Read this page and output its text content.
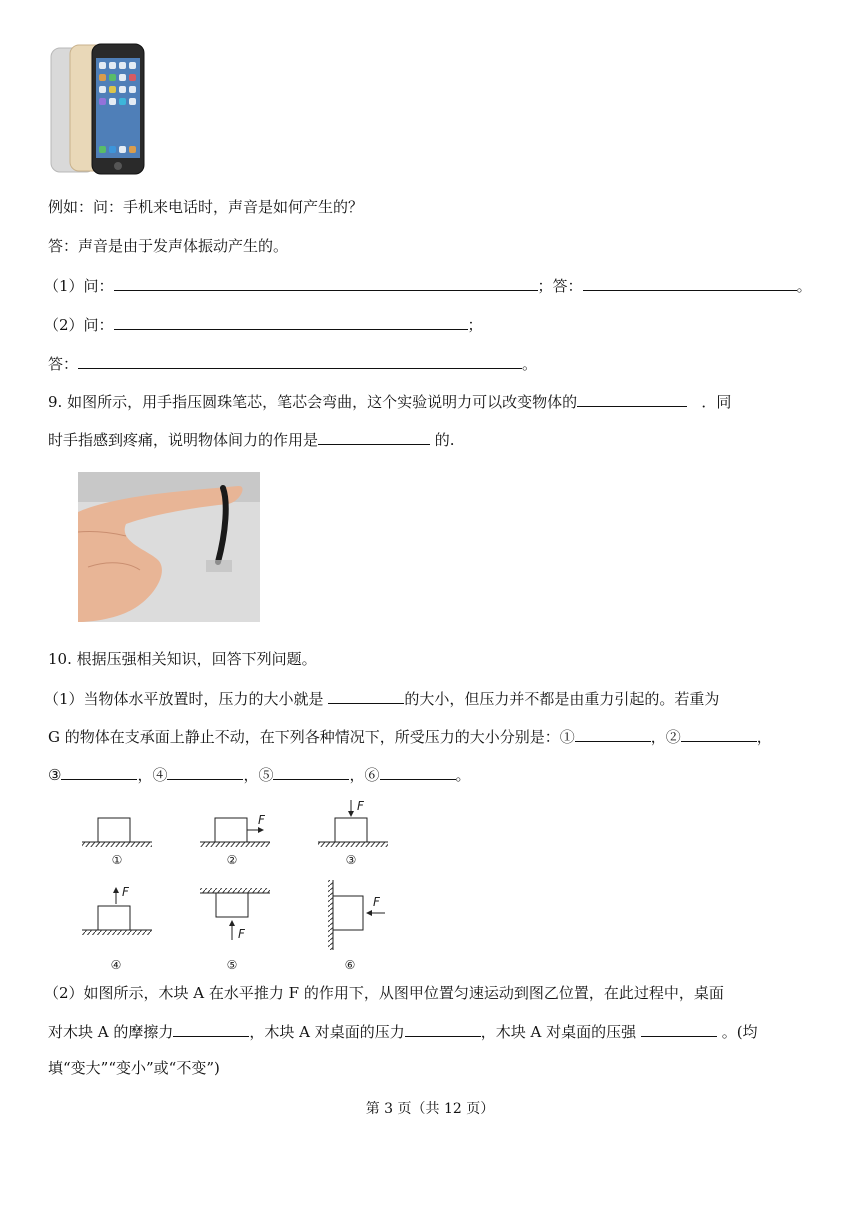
例如：问：手机来电话时，声音是如何产生的？
答：声音是由于发声体振动产生的。
（1）问：	；答：	。
（2）问：	；
答：	。
9. 如图所示，用手指压圆珠笔芯，笔芯会弯曲，这个实验说明力可以改变物体的	．同
时手指感到疼痛，说明物体间力的作用是	的.
10. 根据压强相关知识，回答下列问题。
（1）当物体水平放置时，压力的大小就是	的大小，但压力并不都是由重力引起的。若重为
G 的物体在支承面上静止不动，在下列各种情况下，所受压力的大小分别是：①	，②	，
③	，④	，⑤	，⑥	。
①
F
②
F
③
F
④
F
⑤
F
⑥
（2）如图所示，木块 A 在水平推力 F 的作用下，从图甲位置匀速运动到图乙位置，在此过程中，桌面
对木块 A 的摩擦力	，木块 A 对桌面的压力	，木块 A 对桌面的压强	。(均
填“变大”“变小”或“不变”)
第 3 页（共 12 页）
